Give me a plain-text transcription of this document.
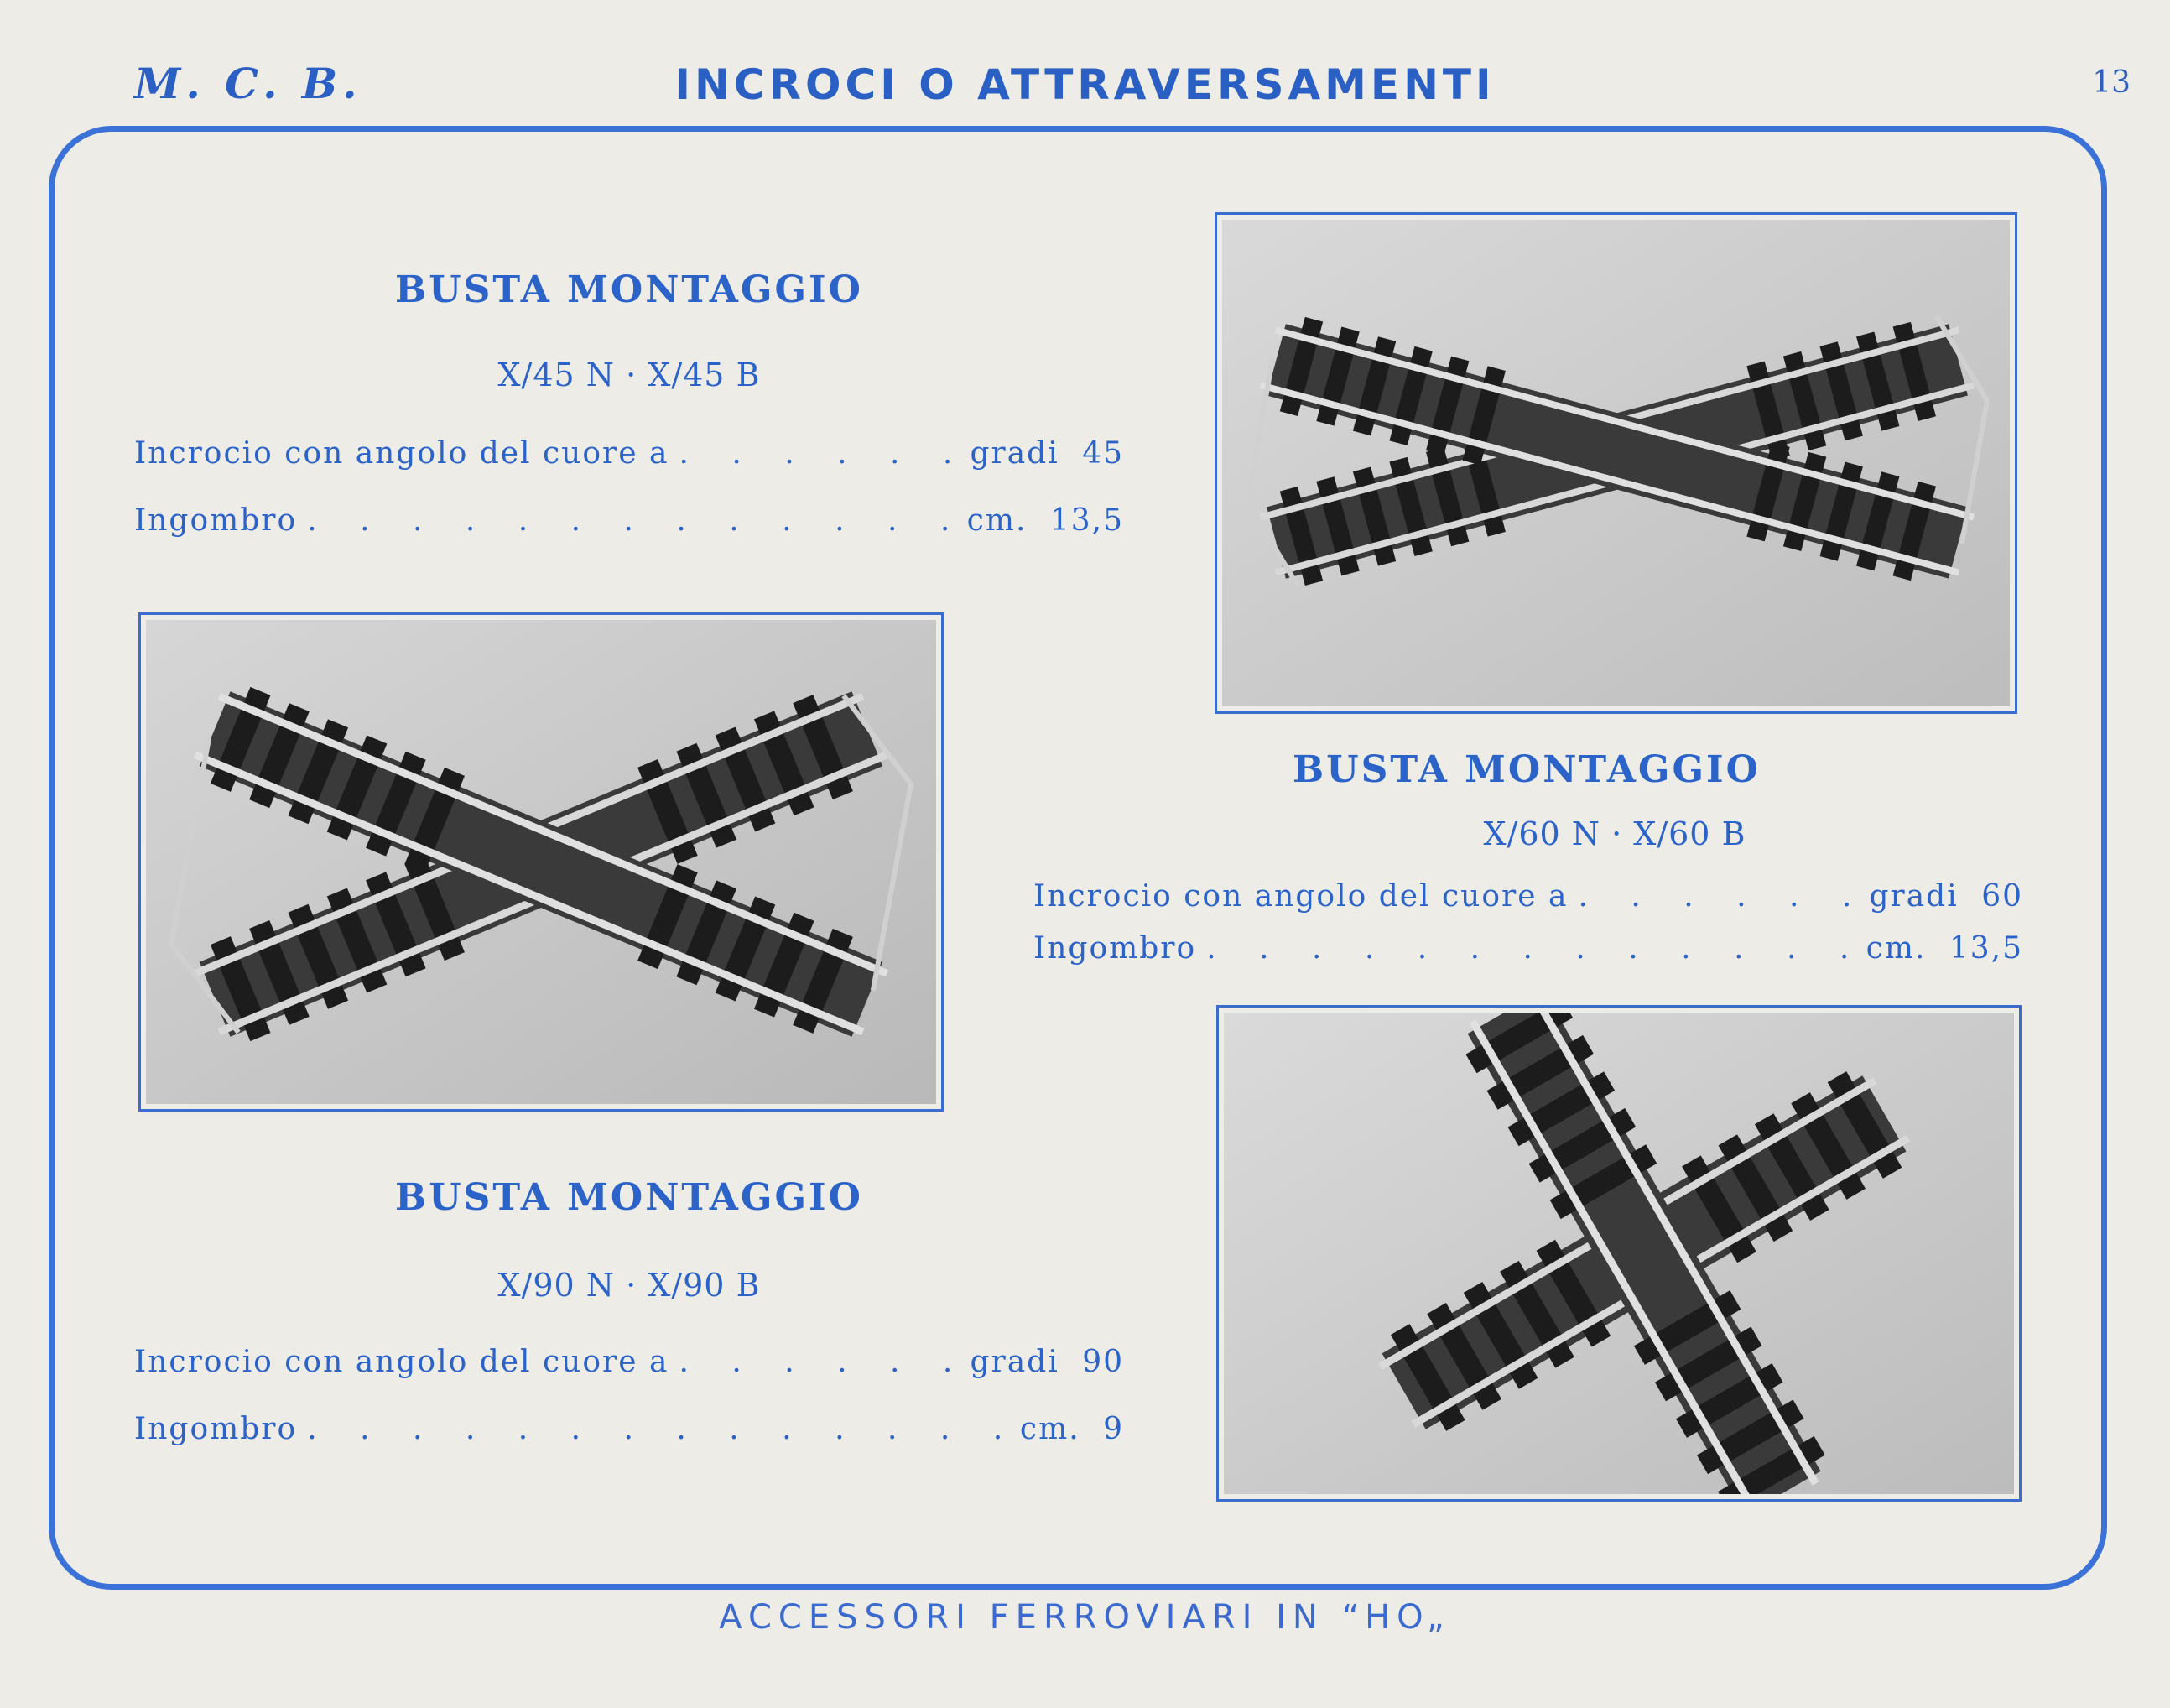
M. C. B.	INCROCI O ATTRAVERSAMENTI	13
BUSTA MONTAGGIO
X/45 N · X/45 B
Incrocio con angolo del cuore a . . .	gradi 45
Ingombro . . .	cm. 13,5
BUSTA MONTAGGIO
X/60 N · X/60 B
Incrocio con angolo del cuore a . . .	gradi 60
Ingombro . . .	cm. 13,5
BUSTA MONTAGGIO
X/90 N · X/90 B
Incrocio con angolo del cuore a . . .	gradi 90
Ingombro . . .	cm. 9
ACCESSORI FERROVIARI IN “HO„
